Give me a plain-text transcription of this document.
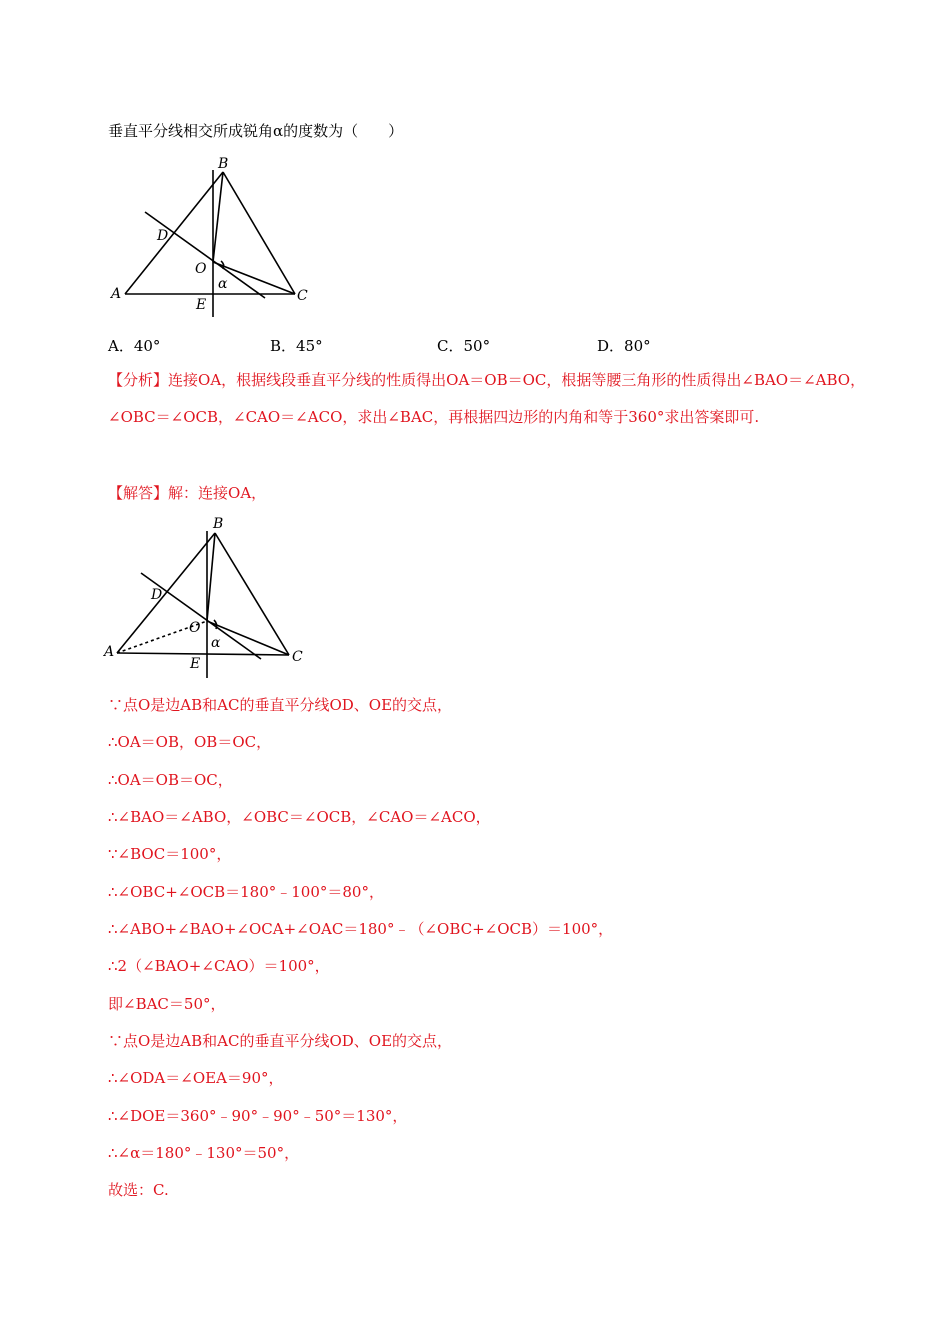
垂直平分线相交所成锐角α的度数为（　　）
B
D
O
α
A
E
C
A．40°	B．45°	C．50°	D．80°
【分析】连接OA，根据线段垂直平分线的性质得出OA＝OB＝OC，根据等腰三角形的性质得出∠BAO＝∠ABO，∠OBC＝∠OCB，∠CAO＝∠ACO，求出∠BAC，再根据四边形的内角和等于360°求出答案即可.
【解答】解：连接OA，
B
D
O
α
A
E	C
∵点O是边AB和AC的垂直平分线OD、OE的交点，
∴OA＝OB，OB＝OC，
∴OA＝OB＝OC，
∴∠BAO＝∠ABO，∠OBC＝∠OCB，∠CAO＝∠ACO，
∵∠BOC＝100°，
∴∠OBC+∠OCB＝180°﹣100°＝80°，
∴∠ABO+∠BAO+∠OCA+∠OAC＝180°﹣（∠OBC+∠OCB）＝100°，
∴2（∠BAO+∠CAO）＝100°，
即∠BAC＝50°，
∵点O是边AB和AC的垂直平分线OD、OE的交点，
∴∠ODA＝∠OEA＝90°，
∴∠DOE＝360°﹣90°﹣90°﹣50°＝130°，
∴∠α＝180°﹣130°＝50°，
故选：C.
